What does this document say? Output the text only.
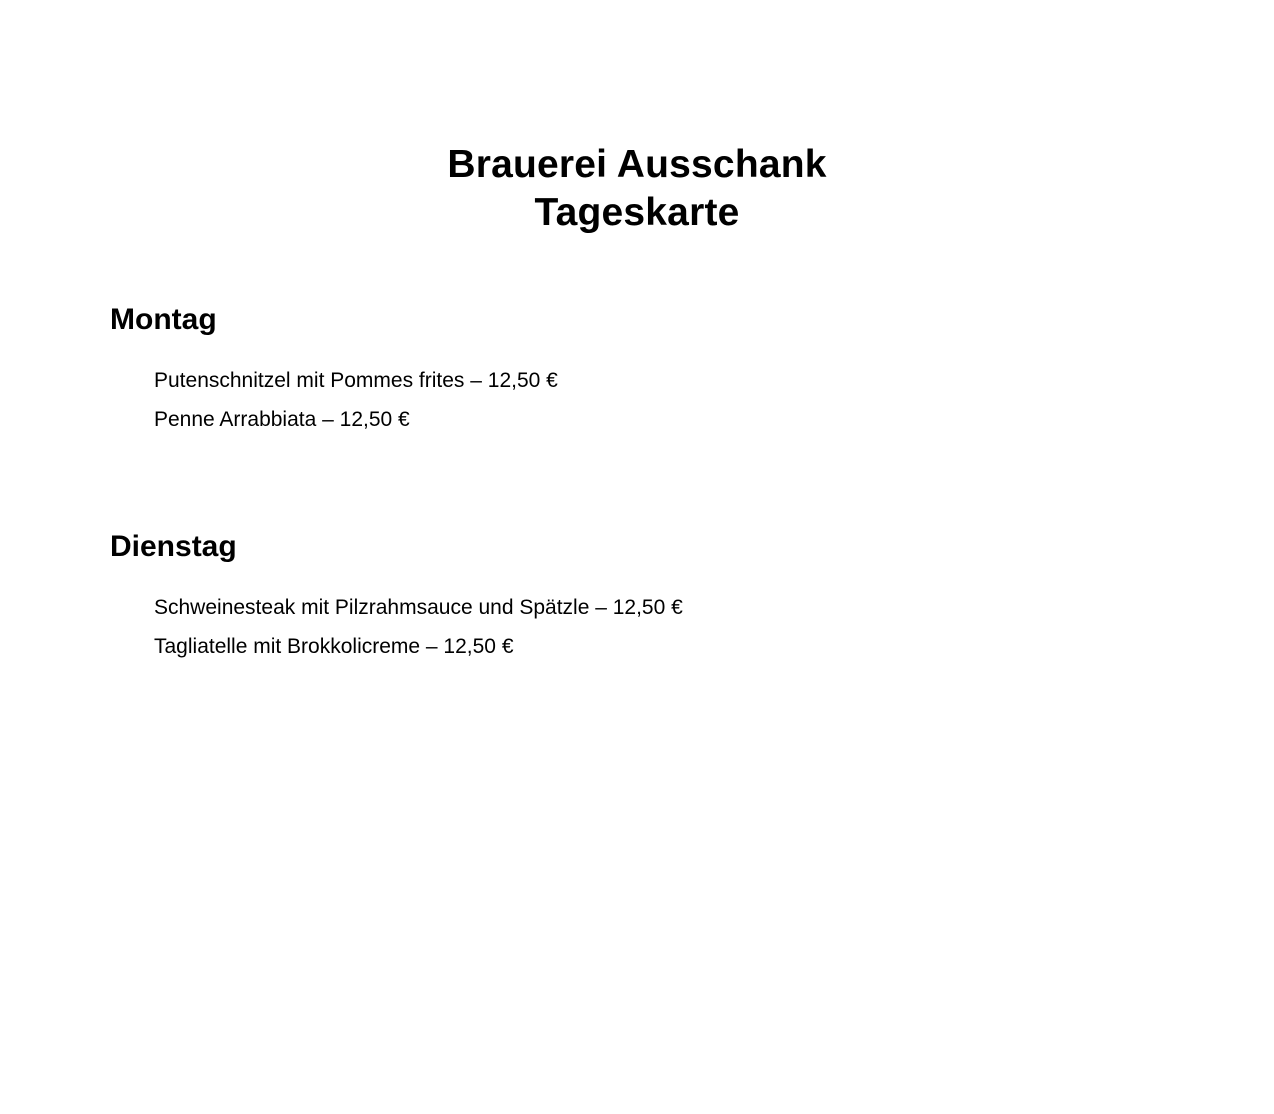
Brauerei Ausschank
Tageskarte
Montag
Putenschnitzel mit Pommes frites – 12,50 €
Penne Arrabbiata – 12,50 €
Dienstag
Schweinesteak mit Pilzrahmsauce und Spätzle – 12,50 €
Tagliatelle mit Brokkolicreme – 12,50 €
